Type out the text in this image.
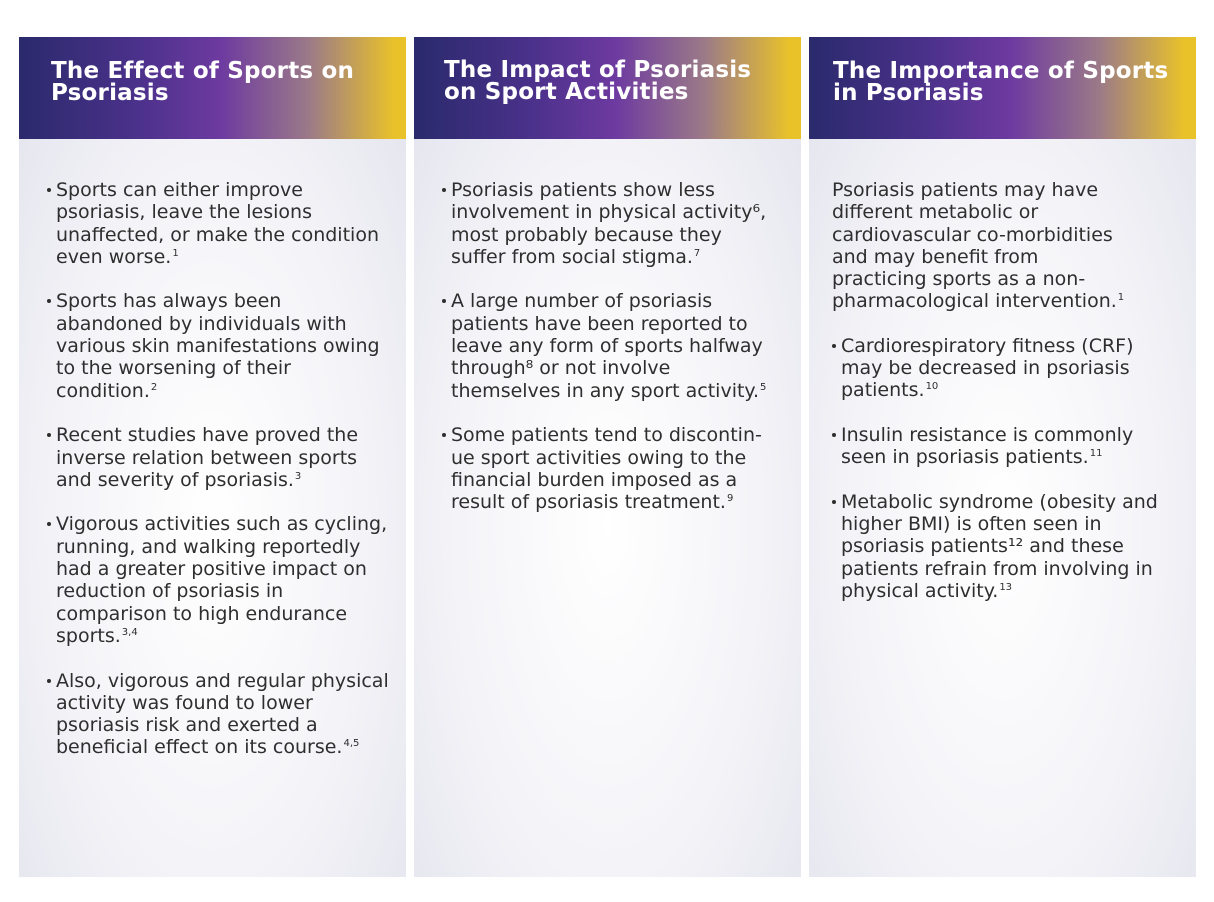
The Effect of Sports on Psoriasis
Sports can either improve psoriasis, leave the lesions unaffected, or make the condition even worse.$^1$
Sports has always been abandoned by individuals with various skin manifestations owing to the worsening of their condition.$^2$
Recent studies have proved the inverse relation between sports and severity of psoriasis.$^3$
Vigorous activities such as cycling, running, and walking reportedly had a greater positive impact on reduction of psoriasis in comparison to high endurance sports.$^{3,4}$
Also, vigorous and regular physical activity was found to lower psoriasis risk and exerted a beneficial effect on its course.$^{4,5}$
The Impact of Psoriasis on Sport Activities
Psoriasis patients show less involvement in physical activity⁶, most probably because they suffer from social stigma.$^7$
A large number of psoriasis patients have been reported to leave any form of sports halfway through⁸ or not involve themselves in any sport activity.$^5$
Some patients tend to discontin-ue sport activities owing to the financial burden imposed as a result of psoriasis treatment.$^9$
The Importance of Sports in Psoriasis

Psoriasis patients may have different metabolic or cardiovascular co-morbidities and may benefit from practicing sports as a non-pharmacological intervention.$^1$

Cardiorespiratory fitness (CRF) may be decreased in psoriasis patients.$^{10}$
Insulin resistance is commonly seen in psoriasis patients.$^{11}$
Metabolic syndrome (obesity and higher BMI) is often seen in psoriasis patients¹² and these patients refrain from involving in physical activity.$^{13}$
